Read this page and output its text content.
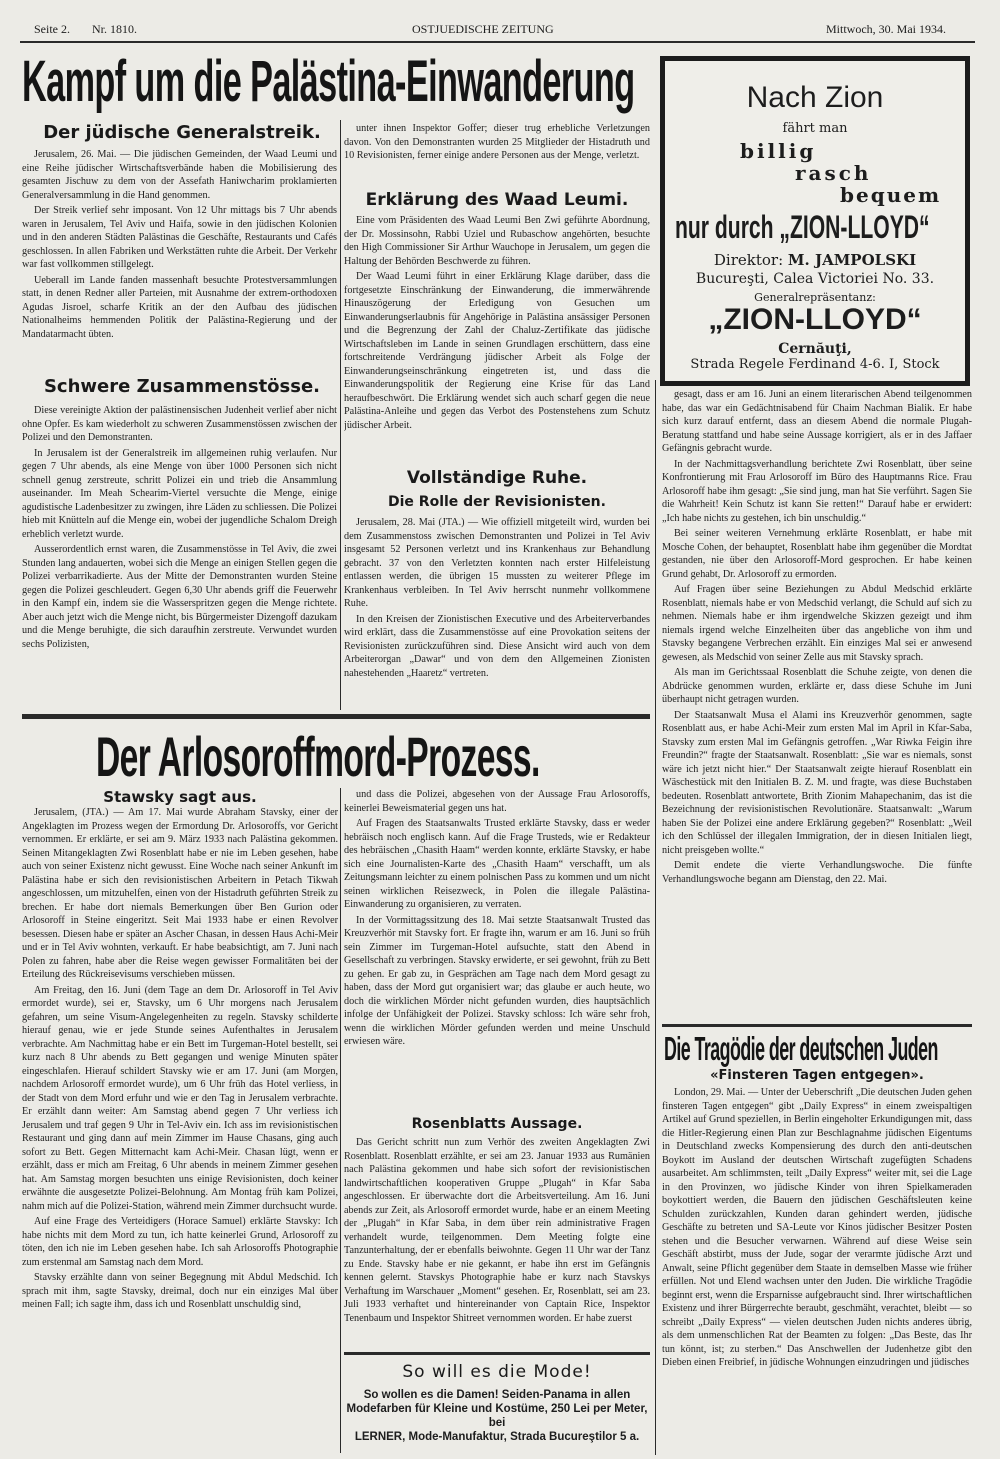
Seite 2. Nr. 1810.	OSTJUEDISCHE ZEITUNG	Mittwoch, 30. Mai 1934.
Kampf um die Palästina-Einwanderung
Der jüdische Generalstreik.

Jerusalem, 26. Mai. — Die jüdischen Gemeinden, der Waad Leumi und eine Reihe jüdischer Wirtschaftsverbände haben die Mobilisierung des gesamten Jischuw zu dem von der Assefath Haniwcharim proklamierten Generalversammlung in die Hand genommen.

Der Streik verlief sehr imposant. Von 12 Uhr mittags bis 7 Uhr abends waren in Jerusalem, Tel Aviv und Haifa, sowie in den jüdischen Kolonien und in den anderen Städten Palästinas die Geschäfte, Restaurants und Cafés geschlossen. In allen Fabriken und Werkstätten ruhte die Arbeit. Der Verkehr war fast vollkommen stillgelegt.

Ueberall im Lande fanden massenhaft besuchte Protestversammlungen statt, in denen Redner aller Parteien, mit Ausnahme der extrem-orthodoxen Agudas Jisroel, scharfe Kritik an der den Aufbau des jüdischen Nationalheims hemmenden Politik der Palästina-Regierung und der Mandatarmacht übten.

Schwere Zusammenstösse.

Diese vereinigte Aktion der palästinensischen Judenheit verlief aber nicht ohne Opfer. Es kam wiederholt zu schweren Zusammenstössen zwischen der Polizei und den Demonstranten.

In Jerusalem ist der Generalstreik im allgemeinen ruhig verlaufen. Nur gegen 7 Uhr abends, als eine Menge von über 1000 Personen sich nicht schnell genug zerstreute, schritt Polizei ein und trieb die Ansammlung auseinander. Im Meah Schearim-Viertel versuchte die Menge, einige agudistische Ladenbesitzer zu zwingen, ihre Läden zu schliessen. Die Polizei hieb mit Knütteln auf die Menge ein, wobei der jugendliche Schalom Dreigh erheblich verletzt wurde.

Ausserordentlich ernst waren, die Zusammenstösse in Tel Aviv, die zwei Stunden lang andauerten, wobei sich die Menge an einigen Stellen gegen die Polizei verbarrikadierte. Aus der Mitte der Demonstranten wurden Steine gegen die Polizei geschleudert. Gegen 6,30 Uhr abends griff die Feuerwehr in den Kampf ein, indem sie die Wasserspritzen gegen die Menge richtete. Aber auch jetzt wich die Menge nicht, bis Bürgermeister Dizengoff dazukam und die Menge beruhigte, die sich daraufhin zerstreute. Verwundet wurden sechs Polizisten,

unter ihnen Inspektor Goffer; dieser trug erhebliche Verletzungen davon. Von den Demonstranten wurden 25 Mitglieder der Histadruth und 10 Revisionisten, ferner einige andere Personen aus der Menge, verletzt.

Erklärung des Waad Leumi.

Eine vom Präsidenten des Waad Leumi Ben Zwi geführte Abordnung, der Dr. Mossinsohn, Rabbi Uziel und Rubaschow angehörten, besuchte den High Commissioner Sir Arthur Wauchope in Jerusalem, um gegen die Haltung der Behörden Beschwerde zu führen.

Der Waad Leumi führt in einer Erklärung Klage darüber, dass die fortgesetzte Einschränkung der Einwanderung, die immerwährende Hinauszögerung der Erledigung von Gesuchen um Einwanderungserlaubnis für Angehörige in Palästina ansässiger Personen und die Begrenzung der Zahl der Chaluz-Zertifikate das jüdische Wirtschaftsleben im Lande in seinen Grundlagen erschüttern, dass eine fortschreitende Verdrängung jüdischer Arbeit als Folge der Einwanderungseinschränkung eingetreten ist, und dass die Einwanderungspolitik der Regierung eine Krise für das Land heraufbeschwört. Die Erklärung wendet sich auch scharf gegen die neue Palästina-Anleihe und gegen das Verbot des Postenstehens zum Schutz jüdischer Arbeit.

Vollständige Ruhe.
Die Rolle der Revisionisten.

Jerusalem, 28. Mai (JTA.) — Wie offiziell mitgeteilt wird, wurden bei dem Zusammenstoss zwischen Demonstranten und Polizei in Tel Aviv insgesamt 52 Personen verletzt und ins Krankenhaus zur Behandlung gebracht. 37 von den Verletzten konnten nach erster Hilfeleistung entlassen werden, die übrigen 15 mussten zu weiterer Pflege im Krankenhaus verbleiben. In Tel Aviv herrscht nunmehr vollkommene Ruhe.

In den Kreisen der Zionistischen Executive und des Arbeiterverbandes wird erklärt, dass die Zusammenstösse auf eine Provokation seitens der Revisionisten zurückzuführen sind. Diese Ansicht wird auch von dem Arbeiterorgan „Dawar“ und von dem den Allgemeinen Zionisten nahestehenden „Haaretz“ vertreten.

Nach Zion
fährt man
billig
rasch
bequem
nur durch „ZION-LLOYD“
Direktor: M. JAMPOLSKI
Bucureşti, Calea Victoriei No. 33.
Generalrepräsentanz:
„ZION-LLOYD“
Cernăuţi,
Strada Regele Ferdinand 4-6. I, Stock

gesagt, dass er am 16. Juni an einem literarischen Abend teilgenommen habe, das war ein Gedächtnisabend für Chaim Nachman Bialik. Er habe sich kurz darauf entfernt, dass an diesem Abend die normale Plugah-Beratung stattfand und habe seine Aussage korrigiert, als er in des Jaffaer Gefängnis gebracht wurde.

In der Nachmittagsverhandlung berichtete Zwi Rosenblatt, über seine Konfrontierung mit Frau Arlosoroff im Büro des Hauptmanns Rice. Frau Arlosoroff habe ihm gesagt: „Sie sind jung, man hat Sie verführt. Sagen Sie die Wahrheit! Kein Schutz ist kann Sie retten!“ Darauf habe er erwidert: „Ich habe nichts zu gestehen, ich bin unschuldig.“

Bei seiner weiteren Vernehmung erklärte Rosenblatt, er habe mit Mosche Cohen, der behauptet, Rosenblatt habe ihm gegenüber die Mordtat gestanden, nie über den Arlosoroff-Mord gesprochen. Er habe keinen Grund gehabt, Dr. Arlosoroff zu ermorden.

Auf Fragen über seine Beziehungen zu Abdul Medschid erklärte Rosenblatt, niemals habe er von Medschid verlangt, die Schuld auf sich zu nehmen. Niemals habe er ihm irgendwelche Skizzen gezeigt und ihm niemals irgend welche Einzelheiten über das angebliche von ihm und Stavsky begangene Verbrechen erzählt. Ein einziges Mal sei er anwesend gewesen, als Medschid von seiner Zelle aus mit Stavsky sprach.

Als man im Gerichtssaal Rosenblatt die Schuhe zeigte, von denen die Abdrücke genommen wurden, erklärte er, dass diese Schuhe im Juni überhaupt nicht getragen wurden.

Der Staatsanwalt Musa el Alami ins Kreuzverhör genommen, sagte Rosenblatt aus, er habe Achi-Meir zum ersten Mal im April in Kfar-Saba, Stavsky zum ersten Mal im Gefängnis getroffen. „War Riwka Feigin ihre Freundin?“ fragte der Staatsanwalt. Rosenblatt: „Sie war es niemals, sonst wäre ich jetzt nicht hier.“ Der Staatsanwalt zeigte hierauf Rosenblatt ein Wäschestück mit den Initialen B. Z. M. und fragte, was diese Buchstaben bedeuten. Rosenblatt antwortete, Brith Zionim Mahapechanim, das ist die Bezeichnung der revisionistischen Revolutionäre. Staatsanwalt: „Warum haben Sie der Polizei eine andere Erklärung gegeben?“ Rosenblatt: „Weil ich den Schlüssel der illegalen Immigration, der in diesen Initialen liegt, nicht preisgeben wollte.“

Demit endete die vierte Verhandlungswoche. Die fünfte Verhandlungswoche begann am Dienstag, den 22. Mai.

Die Tragödie der deutschen Juden
«Finsteren Tagen entgegen».

London, 29. Mai. — Unter der Ueberschrift „Die deutschen Juden gehen finsteren Tagen entgegen“ gibt „Daily Express“ in einem zweispaltigen Artikel auf Grund speziellen, in Berlin eingeholter Erkundigungen mit, dass die Hitler-Regierung einen Plan zur Beschlagnahme jüdischen Eigentums in Deutschland zwecks Kompensierung des durch den anti-deutschen Boykott im Ausland der deutschen Wirtschaft zugefügten Schadens ausarbeitet. Am schlimmsten, teilt „Daily Express“ weiter mit, sei die Lage in den Provinzen, wo jüdische Kinder von ihren Spielkameraden boykottiert werden, die Bauern den jüdischen Geschäftsleuten keine Schulden zurückzahlen, Kunden daran gehindert werden, jüdische Geschäfte zu betreten und SA-Leute vor Kinos jüdischer Besitzer Posten stehen und die Besucher verwarnen. Während auf diese Weise sein Geschäft abstirbt, muss der Jude, sogar der verarmte jüdische Arzt und Anwalt, seine Pflicht gegenüber dem Staate in demselben Masse wie früher erfüllen. Not und Elend wachsen unter den Juden. Die wirkliche Tragödie beginnt erst, wenn die Ersparnisse aufgebraucht sind. Ihrer wirtschaftlichen Existenz und ihrer Bürgerrechte beraubt, geschmäht, verachtet, bleibt — so schreibt „Daily Express“ — vielen deutschen Juden nichts anderes übrig, als dem unmenschlichen Rat der Beamten zu folgen: „Das Beste, das Ihr tun könnt, ist; zu sterben.“ Das Anschwellen der Judenhetze gibt den Dieben einen Freibrief, in jüdische Wohnungen einzudringen und jüdisches

Der Arlosoroffmord-Prozess.
Stawsky sagt aus.

Jerusalem, (JTA.) — Am 17. Mai wurde Abraham Stavsky, einer der Angeklagten im Prozess wegen der Ermordung Dr. Arlosoroffs, vor Gericht vernommen. Er erklärte, er sei am 9. März 1933 nach Palästina gekommen. Seinen Mitangeklagten Zwi Rosenblatt habe er nie im Leben gesehen, habe auch von seiner Existenz nicht gewusst. Eine Woche nach seiner Ankunft im Palästina habe er sich den revisionistischen Arbeitern in Petach Tikwah angeschlossen, um mitzuhelfen, einen von der Histadruth geführten Streik zu brechen. Er habe dort niemals Bemerkungen über Ben Gurion oder Arlosoroff in Steine eingeritzt. Seit Mai 1933 habe er einen Revolver besessen. Diesen habe er später an Ascher Chasan, in dessen Haus Achi-Meir und er in Tel Aviv wohnten, verkauft. Er habe beabsichtigt, am 7. Juni nach Polen zu fahren, habe aber die Reise wegen gewisser Formalitäten bei der Erteilung des Rückreisevisums verschieben müssen.

Am Freitag, den 16. Juni (dem Tage an dem Dr. Arlosoroff in Tel Aviv ermordet wurde), sei er, Stavsky, um 6 Uhr morgens nach Jerusalem gefahren, um seine Visum-Angelegenheiten zu regeln. Stavsky schilderte hierauf genau, wie er jede Stunde seines Aufenthaltes in Jerusalem verbrachte. Am Nachmittag habe er ein Bett im Turgeman-Hotel bestellt, sei kurz nach 8 Uhr abends zu Bett gegangen und wenige Minuten später eingeschlafen. Hierauf schildert Stavsky wie er am 17. Juni (am Morgen, nachdem Arlosoroff ermordet wurde), um 6 Uhr früh das Hotel verliess, in der Stadt von dem Mord erfuhr und wie er den Tag in Jerusalem verbrachte. Er erzählt dann weiter: Am Samstag abend gegen 7 Uhr verliess ich Jerusalem und traf gegen 9 Uhr in Tel-Aviv ein. Ich ass im revisionistischen Restaurant und ging dann auf mein Zimmer im Hause Chasans, ging auch sofort zu Bett. Gegen Mitternacht kam Achi-Meir. Chasan lügt, wenn er erzählt, dass er mich am Freitag, 6 Uhr abends in meinem Zimmer gesehen hat. Am Samstag morgen besuchten uns einige Revisionisten, doch keiner erwähnte die ausgesetzte Polizei-Belohnung. Am Montag früh kam Polizei, nahm mich auf die Polizei-Station, während mein Zimmer durchsucht wurde.

Auf eine Frage des Verteidigers (Horace Samuel) erklärte Stavsky: Ich habe nichts mit dem Mord zu tun, ich hatte keinerlei Grund, Arlosoroff zu töten, den ich nie im Leben gesehen habe. Ich sah Arlosoroffs Photographie zum erstenmal am Samstag nach dem Mord.

Stavsky erzählte dann von seiner Begegnung mit Abdul Medschid. Ich sprach mit ihm, sagte Stavsky, dreimal, doch nur ein einziges Mal über meinen Fall; ich sagte ihm, dass ich und Rosenblatt unschuldig sind,

und dass die Polizei, abgesehen von der Aussage Frau Arlosoroffs, keinerlei Beweismaterial gegen uns hat.

Auf Fragen des Staatsanwalts Trusted erklärte Stavsky, dass er weder hebräisch noch englisch kann. Auf die Frage Trusteds, wie er Redakteur des hebräischen „Chasith Haam“ werden konnte, erklärte Stavsky, er habe sich eine Journalisten-Karte des „Chasith Haam“ verschafft, um als Zeitungsmann leichter zu einem polnischen Pass zu kommen und um nicht seinen wirklichen Reisezweck, in Polen die illegale Palästina-Einwanderung zu organisieren, zu verraten.

In der Vormittagssitzung des 18. Mai setzte Staatsanwalt Trusted das Kreuzverhör mit Stavsky fort. Er fragte ihn, warum er am 16. Juni so früh sein Zimmer im Turgeman-Hotel aufsuchte, statt den Abend in Gesellschaft zu verbringen. Stavsky erwiderte, er sei gewohnt, früh zu Bett zu gehen. Er gab zu, in Gesprächen am Tage nach dem Mord gesagt zu haben, dass der Mord gut organisiert war; das glaube er auch heute, wo doch die wirklichen Mörder nicht gefunden wurden, dies hauptsächlich infolge der Unfähigkeit der Polizei. Stavsky schloss: Ich wäre sehr froh, wenn die wirklichen Mörder gefunden werden und meine Unschuld erwiesen wäre.

Rosenblatts Aussage.

Das Gericht schritt nun zum Verhör des zweiten Angeklagten Zwi Rosenblatt. Rosenblatt erzählte, er sei am 23. Januar 1933 aus Rumänien nach Palästina gekommen und habe sich sofort der revisionistischen landwirtschaftlichen kooperativen Gruppe „Plugah“ in Kfar Saba angeschlossen. Er überwachte dort die Arbeitsverteilung. Am 16. Juni abends zur Zeit, als Arlosoroff ermordet wurde, habe er an einem Meeting der „Plugah“ in Kfar Saba, in dem über rein administrative Fragen verhandelt wurde, teilgenommen. Dem Meeting folgte eine Tanzunterhaltung, der er ebenfalls beiwohnte. Gegen 11 Uhr war der Tanz zu Ende. Stavsky habe er nie gekannt, er habe ihn erst im Gefängnis kennen gelernt. Stavskys Photographie habe er kurz nach Stavskys Verhaftung im Warschauer „Moment“ gesehen. Er, Rosenblatt, sei am 23. Juli 1933 verhaftet und hintereinander von Captain Rice, Inspektor Tenenbaum und Inspektor Shitreet vernommen worden. Er habe zuerst

So will es die Mode!
So wollen es die Damen! Seiden-Panama in allen Modefarben für Kleine und Kostüme, 250 Lei per Meter, bei
LERNER, Mode-Manufaktur, Strada Bucureştilor 5 a.
